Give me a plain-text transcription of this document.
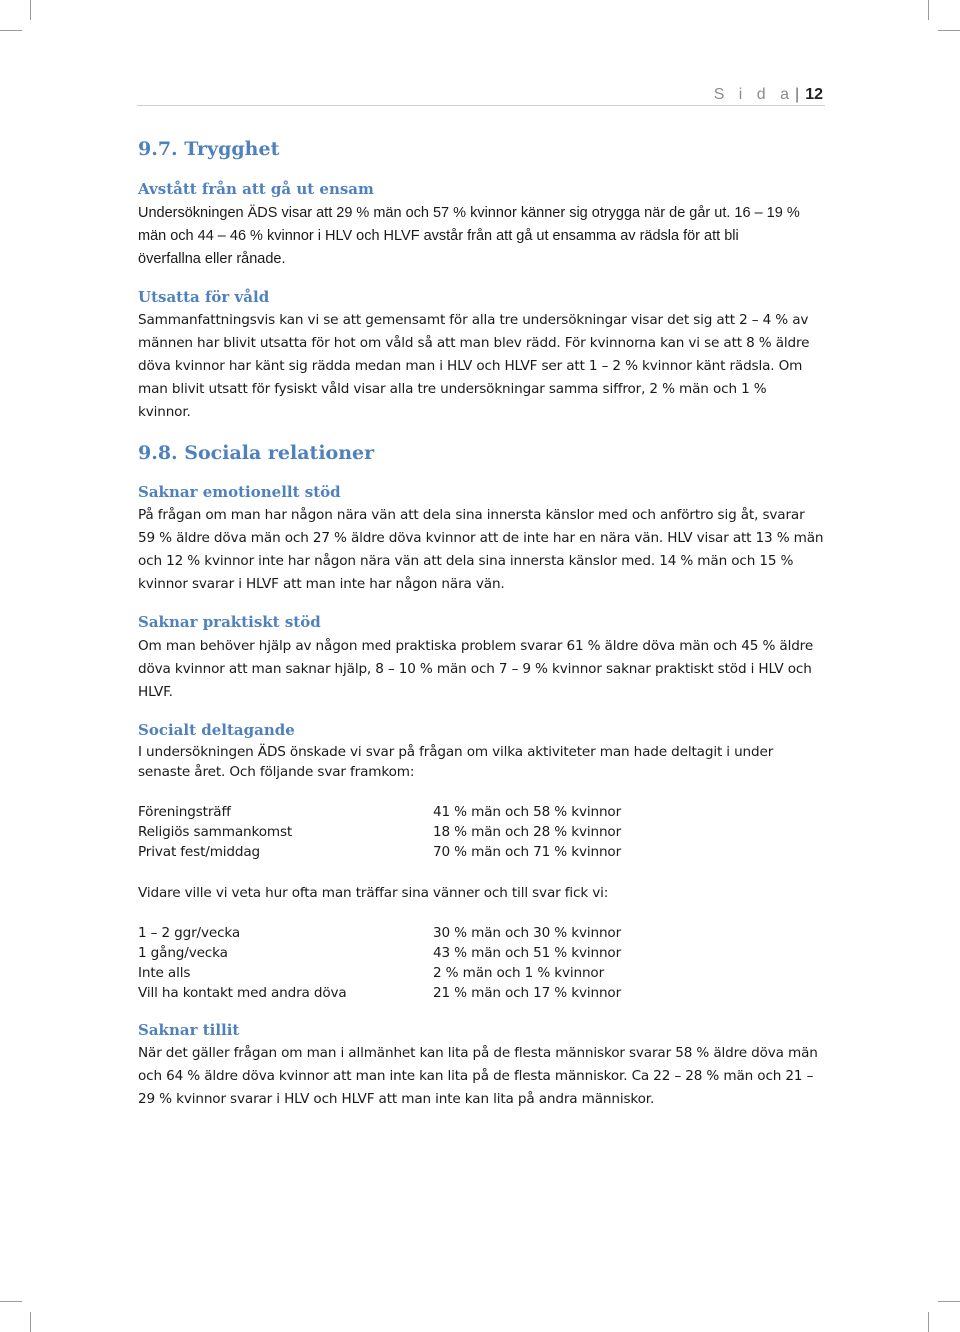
S i d a| 12
9.7. Trygghet
Avstått från att gå ut ensam

Undersökningen ÄDS visar att 29 % män och 57 % kvinnor känner sig otrygga när de går ut. 16 – 19 %

män och 44 – 46 % kvinnor i HLV och HLVF avstår från att gå ut ensamma av rädsla för att bli

överfallna eller rånade.

Utsatta för våld

Sammanfattningsvis kan vi se att gemensamt för alla tre undersökningar visar det sig att 2 – 4 % av

männen har blivit utsatta för hot om våld så att man blev rädd. För kvinnorna kan vi se att 8 % äldre

döva kvinnor har känt sig rädda medan man i HLV och HLVF ser att 1 – 2 % kvinnor känt rädsla. Om

man blivit utsatt för fysiskt våld visar alla tre undersökningar samma siffror, 2 % män och 1 %

kvinnor.

9.8. Sociala relationer
Saknar emotionellt stöd

På frågan om man har någon nära vän att dela sina innersta känslor med och anförtro sig åt, svarar

59 % äldre döva män och 27 % äldre döva kvinnor att de inte har en nära vän. HLV visar att 13 % män

och 12 % kvinnor inte har någon nära vän att dela sina innersta känslor med. 14 % män och 15 %

kvinnor svarar i HLVF att man inte har någon nära vän.

Saknar praktiskt stöd

Om man behöver hjälp av någon med praktiska problem svarar 61 % äldre döva män och 45 % äldre

döva kvinnor att man saknar hjälp, 8 – 10 % män och 7 – 9 % kvinnor saknar praktiskt stöd i HLV och

HLVF.

Socialt deltagande

I undersökningen ÄDS önskade vi svar på frågan om vilka aktiviteter man hade deltagit i under

senaste året. Och följande svar framkom:

Föreningsträff	41 % män och 58 % kvinnor
Religiös sammankomst	18 % män och 28 % kvinnor
Privat fest/middag	70 % män och 71 % kvinnor
Vidare ville vi veta hur ofta man träffar sina vänner och till svar fick vi:
1 – 2 ggr/vecka	30 % män och 30 % kvinnor
1 gång/vecka	43 % män och 51 % kvinnor
Inte alls	2 % män och 1 % kvinnor
Vill ha kontakt med andra döva	21 % män och 17 % kvinnor
Saknar tillit

När det gäller frågan om man i allmänhet kan lita på de flesta människor svarar 58 % äldre döva män

och 64 % äldre döva kvinnor att man inte kan lita på de flesta människor. Ca 22 – 28 % män och 21 –

29 % kvinnor svarar i HLV och HLVF att man inte kan lita på andra människor.
